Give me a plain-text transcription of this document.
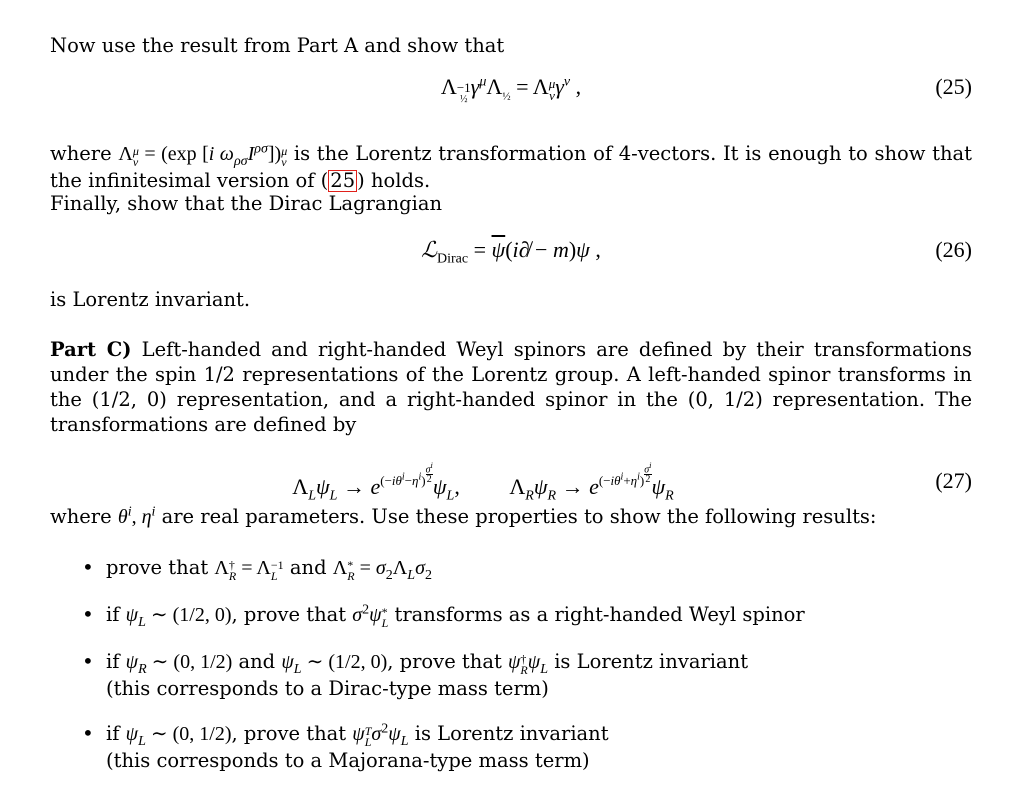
Now use the result from Part A and show that
Λ −1
½
$\gamma^\mu\Lambda_{\frac{1}{2}} = \Lambda$ μ
ν $\gamma^\nu$ ,	(25)
where Λ μ
ν = (exp [i $\omega_{\rho\sigma}I^{\rho\sigma}$]) μ
ν is the Lorentz transformation of 4-vectors. It is enough to show that the infinitesimal version of ( 25 ) holds.
Finally, show that the Dirac Lagrangian
ℒ$_{Dirac}$ = $\overline{\psi}(i\partial̸ - m)\psi$ ,	(26)
is Lorentz invariant.
Part C) Left-handed and right-handed Weyl spinors are defined by their transformations under the spin 1/2 representations of the Lorentz group. A left-handed spinor transforms in the (1/2, 0) representation, and a right-handed spinor in the (0, 1/2) representation. The transformations are defined by
$\Lambda_L\psi_L \to e^{(-i\theta^i-\eta^i) \frac{\sigma^i}{2}}$
$\psi_L$,         $\Lambda_R\psi_R \to e^{(-i\theta^i+\eta^i) \frac{\sigma^i}{2}}$
$\psi_R$
(27)
where $\theta^i$, $\eta^i$ are real parameters. Use these properties to show the following results:
• prove that Λ †
R = Λ −1
L and Λ *
$R = \sigma_2\Lambda_L\sigma_2$
• if $\psi_L$ ∼ (1/2, 0), prove that $\sigma^2\psi$ *
L transforms as a right-handed Weyl spinor
• if $\psi_R$ ∼ (0, 1/2) and $\psi_L$ ∼ (1/2, 0), prove that ψ †
R $\psi_L$ is Lorentz invariant
(this corresponds to a Dirac-type mass term)
• if $\psi_L$ ∼ (0, 1/2), prove that ψ T
L $\sigma^2\psi_L$ is Lorentz invariant
(this corresponds to a Majorana-type mass term)
